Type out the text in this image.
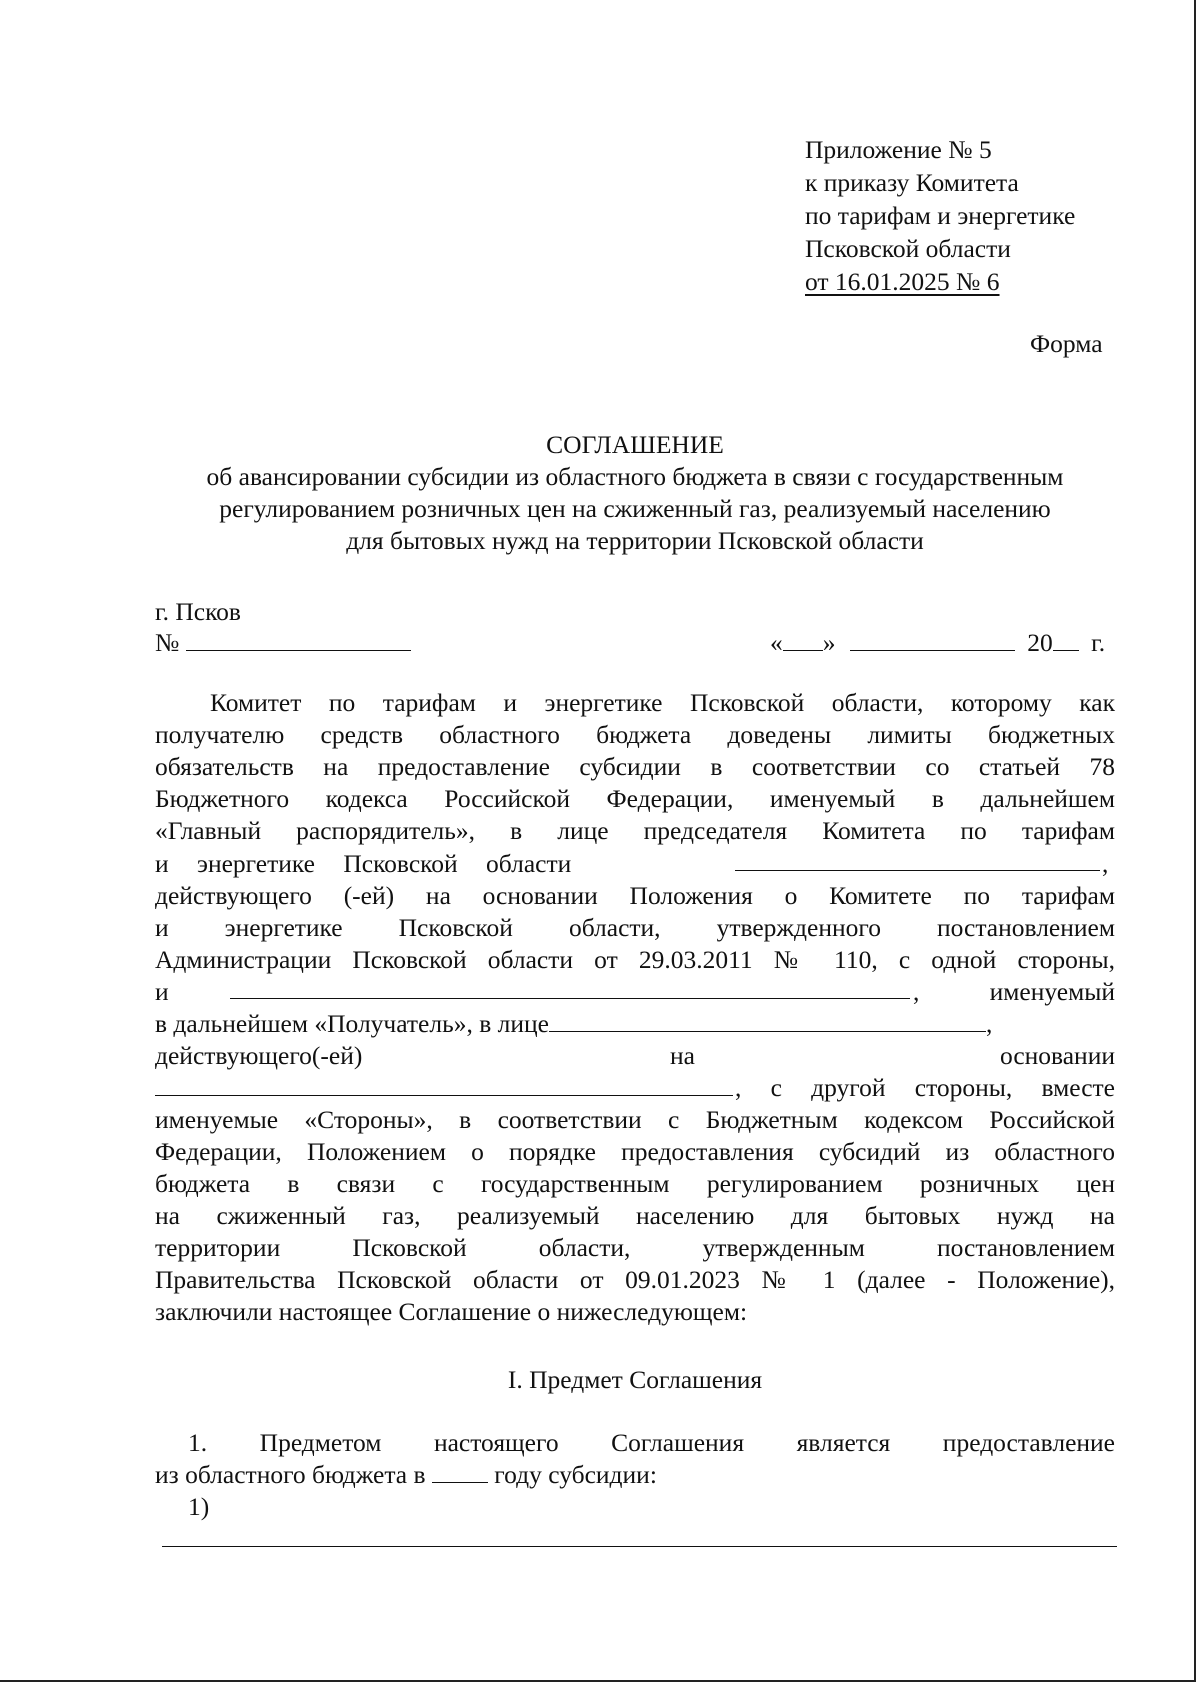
Приложение № 5
к приказу Комитета
по тарифам и энергетике
Псковской области
от 16.01.2025 № 6
Форма
СОГЛАШЕНИЕ
об авансировании субсидии из областного бюджета в связи с государственным
регулированием розничных цен на сжиженный газ, реализуемый населению
для бытовых нужд на территории Псковской области
г. Псков
№	« »	20 г.
Комитет по тарифам и энергетике Псковской области, которому как
получателю средств областного бюджета доведены лимиты бюджетных
обязательств на предоставление субсидии в соответствии со статьей 78
Бюджетного кодекса Российской Федерации, именуемый в дальнейшем
«Главный распорядитель», в лице председателя Комитета по тарифам
и энергетике Псковской области	,
действующего (-ей) на основании Положения о Комитете по тарифам
и энергетике Псковской области, утвержденного постановлением
Администрации Псковской области от 29.03.2011 № 110, с одной стороны,
и	,	именуемый
в дальнейшем «Получатель», в лице	,
действующего(-ей)	на	основании
, с другой стороны, вместе
именуемые «Стороны», в соответствии с Бюджетным кодексом Российской
Федерации, Положением о порядке предоставления субсидий из областного
бюджета в связи с государственным регулированием розничных цен
на сжиженный газ, реализуемый населению для бытовых нужд на
территории Псковской области, утвержденным постановлением
Правительства Псковской области от 09.01.2023 № 1 (далее - Положение),
заключили настоящее Соглашение о нижеследующем:
I. Предмет Соглашения
1. Предметом настоящего Соглашения является предоставление
из областного бюджета в	году субсидии:
1)
